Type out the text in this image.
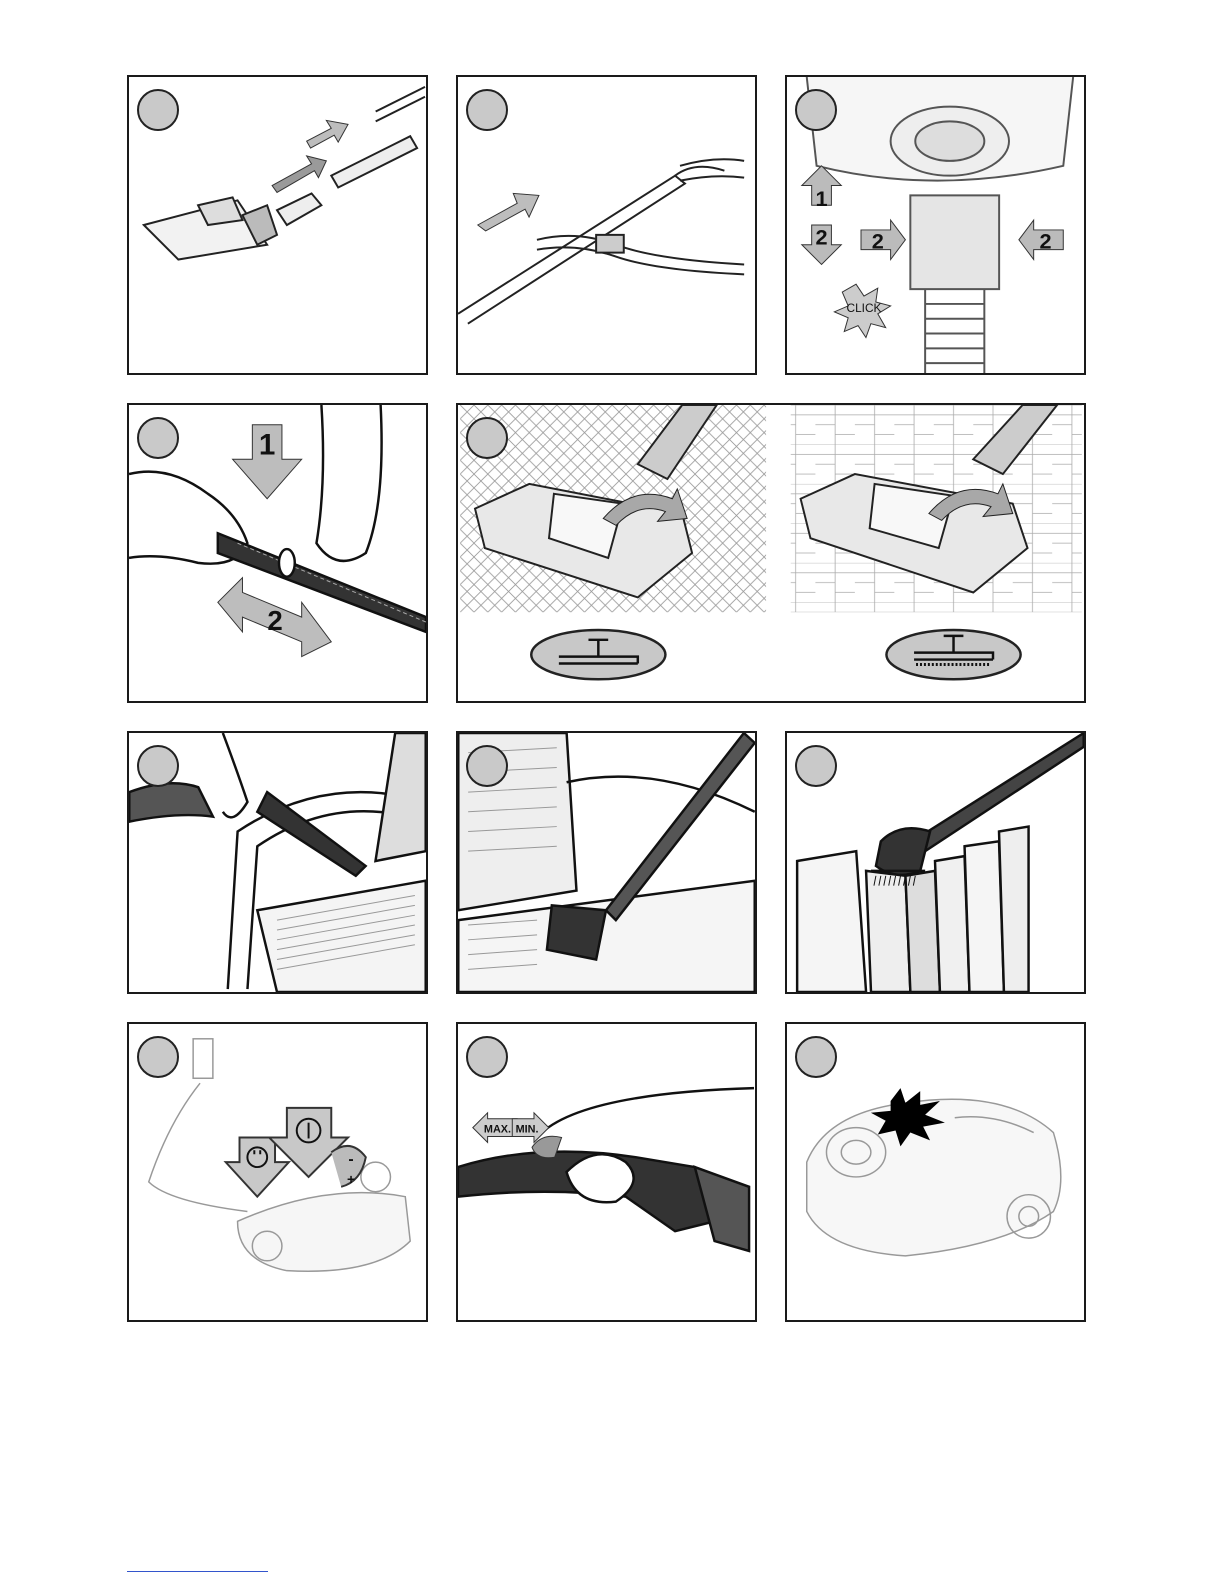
1
2 2	2
CLICK
1
2
-
+
MAX. MIN.
